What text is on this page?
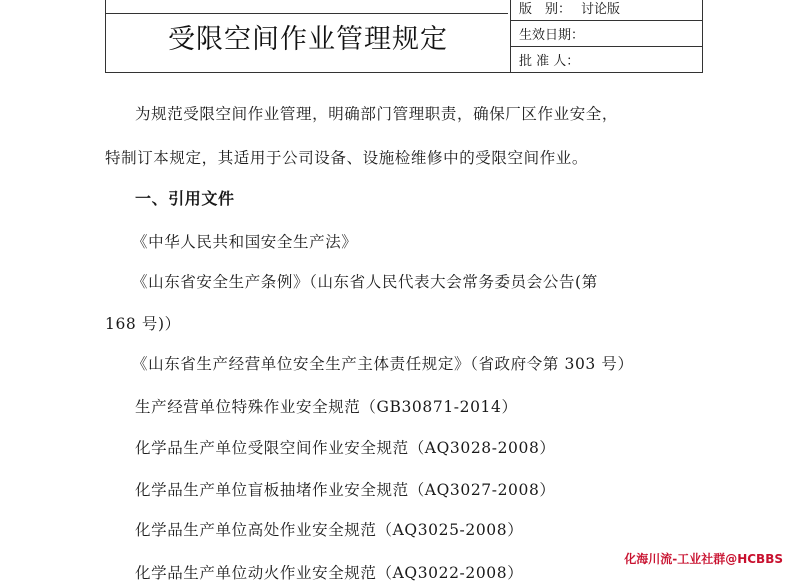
受限空间作业管理规定	版　别： 讨论版
生效日期：
批 准 人：
为规范受限空间作业管理，明确部门管理职责，确保厂区作业安全，
特制订本规定，其适用于公司设备、设施检维修中的受限空间作业。
一、引用文件
《中华人民共和国安全生产法》
《山东省安全生产条例》（山东省人民代表大会常务委员会公告(第
168 号)）
《山东省生产经营单位安全生产主体责任规定》（省政府令第 303 号）
生产经营单位特殊作业安全规范（GB30871-2014）
化学品生产单位受限空间作业安全规范（AQ3028-2008）
化学品生产单位盲板抽堵作业安全规范（AQ3027-2008）
化学品生产单位高处作业安全规范（AQ3025-2008）
化学品生产单位动火作业安全规范（AQ3022-2008）
化海川流-工业社群@HCBBS
